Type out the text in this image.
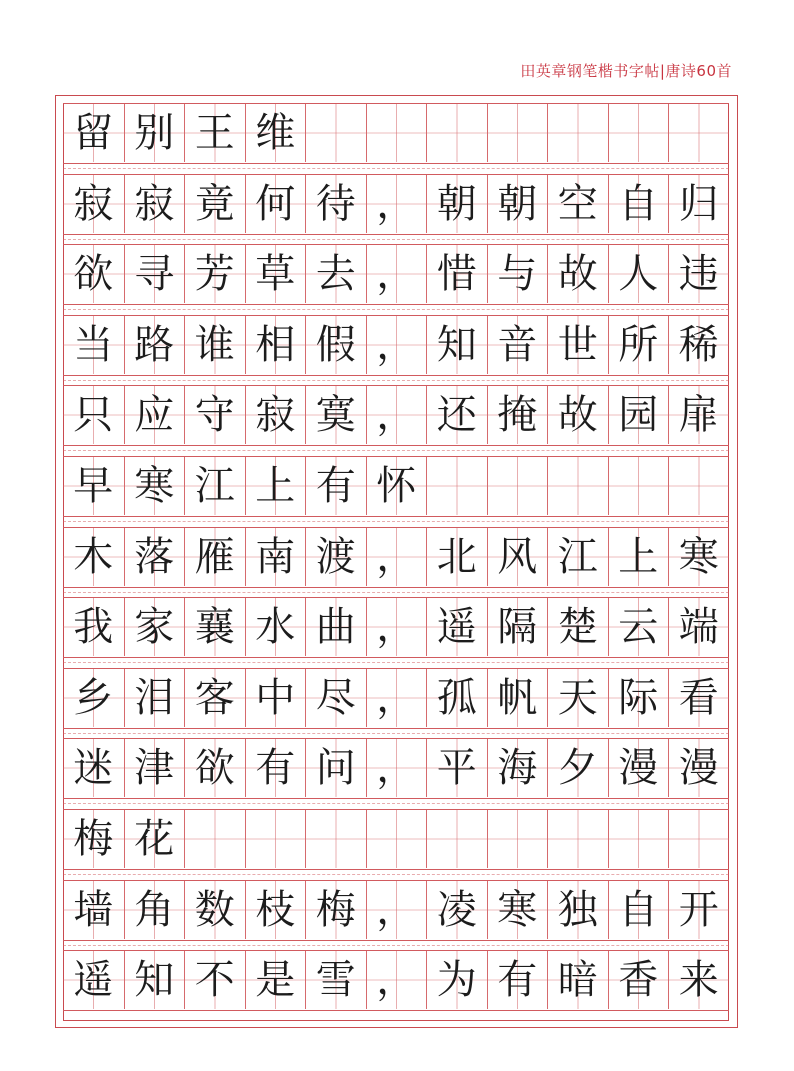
田英章钢笔楷书字帖|唐诗60首
留 别 王 维
寂 寂 竟 何 待 ， 朝 朝 空 自 归
欲 寻 芳 草 去 ， 惜 与 故 人 违
当 路 谁 相 假 ， 知 音 世 所 稀
只 应 守 寂 寞 ， 还 掩 故 园 扉
早 寒 江 上 有 怀
木 落 雁 南 渡 ， 北 风 江 上 寒
我 家 襄 水 曲 ， 遥 隔 楚 云 端
乡 泪 客 中 尽 ， 孤 帆 天 际 看
迷 津 欲 有 问 ， 平 海 夕 漫 漫
梅 花
墙 角 数 枝 梅 ， 凌 寒 独 自 开
遥 知 不 是 雪 ， 为 有 暗 香 来
